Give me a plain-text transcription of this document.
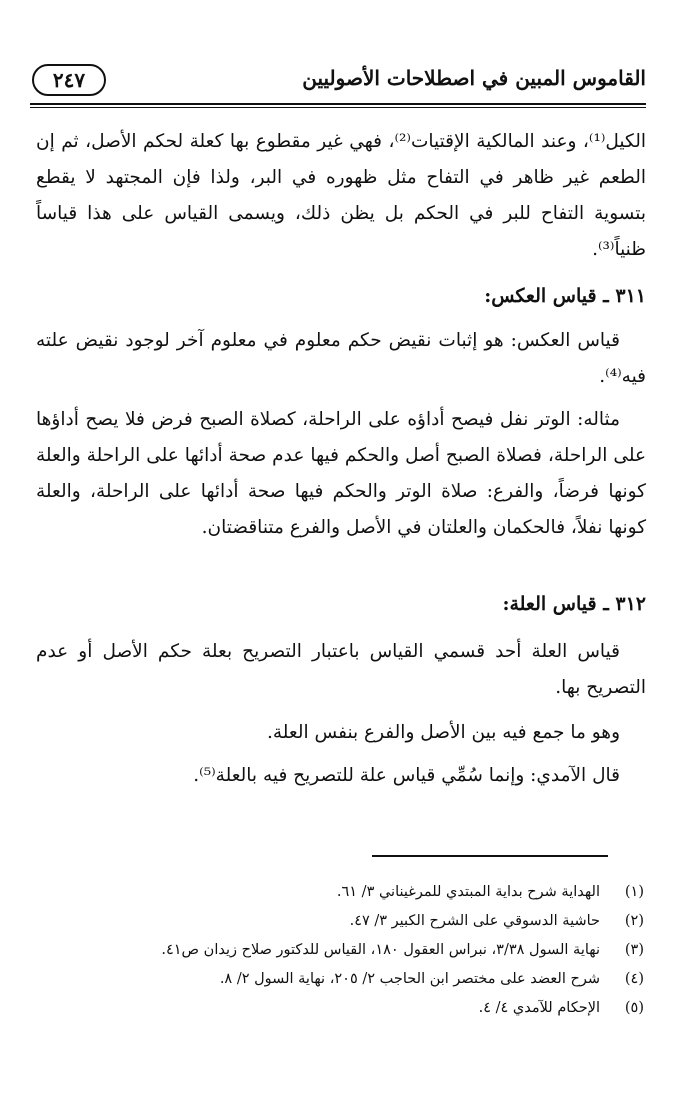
٢٤٧	القاموس المبين في اصطلاحات الأصوليين
الكيل⁽¹⁾، وعند المالكية الإقتيات⁽²⁾، فهي غير مقطوع بها كعلة لحكم الأصل، ثم إن الطعم غير ظاهر في التفاح مثل ظهوره في البر، ولذا فإن المجتهد لا يقطع بتسوية التفاح للبر في الحكم بل يظن ذلك، ويسمى القياس على هذا قياساً ظنياً⁽³⁾.
٣١١ ـ قياس العكس:
قياس العكس: هو إثبات نقيض حكم معلوم في معلوم آخر لوجود نقيض علته فيه⁽⁴⁾.
مثاله: الوتر نفل فيصح أداؤه على الراحلة، كصلاة الصبح فرض فلا يصح أداؤها على الراحلة، فصلاة الصبح أصل والحكم فيها عدم صحة أدائها على الراحلة والعلة كونها فرضاً، والفرع: صلاة الوتر والحكم فيها صحة أدائها على الراحلة، والعلة كونها نفلاً، فالحكمان والعلتان في الأصل والفرع متناقضتان.
٣١٢ ـ قياس العلة:
قياس العلة أحد قسمي القياس باعتبار التصريح بعلة حكم الأصل أو عدم التصريح بها.
وهو ما جمع فيه بين الأصل والفرع بنفس العلة.
قال الآمدي: وإنما سُمِّي قياس علة للتصريح فيه بالعلة⁽⁵⁾.
(١)
الهداية شرح بداية المبتدي للمرغيناني ٣/ ٦١.
(٢)
حاشية الدسوقي على الشرح الكبير ٣/ ٤٧.
(٣)
نهاية السول ٣/٣٨، نبراس العقول ١٨٠، القياس للدكتور صلاح زيدان ص٤١.
(٤)
شرح العضد على مختصر ابن الحاجب ٢/ ٢٠٥، نهاية السول ٢/ ٨.
(٥)
الإحكام للآمدي ٤/ ٤.
